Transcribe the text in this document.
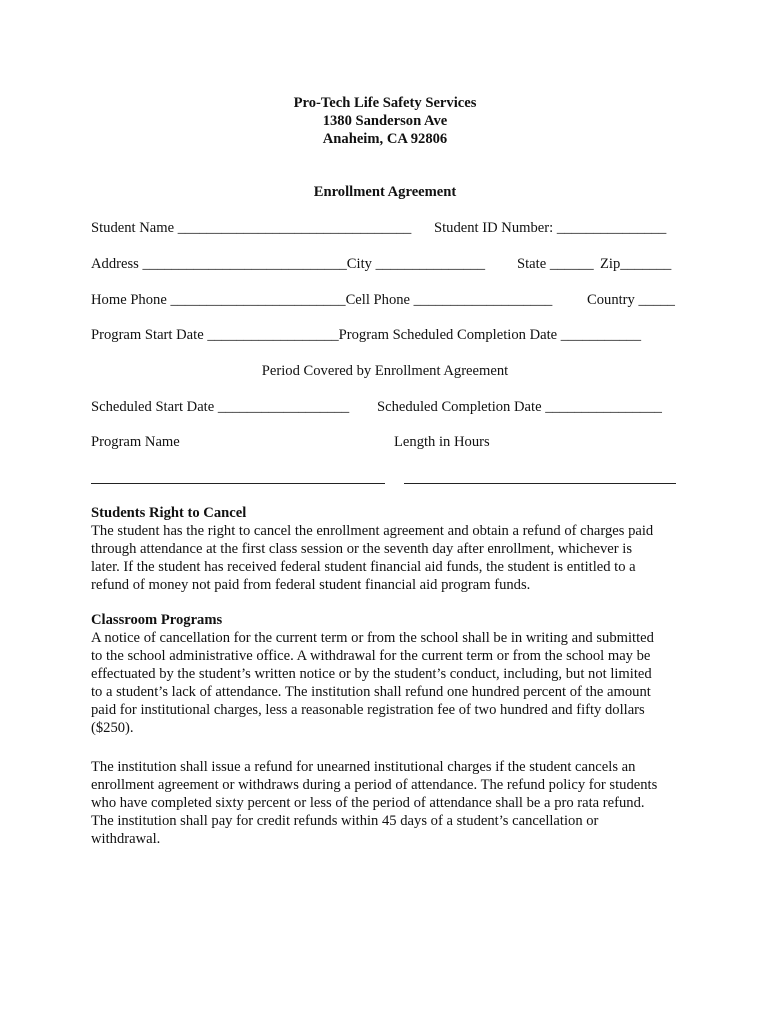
Pro-Tech Life Safety Services
1380 Sanderson Ave
Anaheim, CA 92806
Enrollment Agreement
Student Name ________________________________ Student ID Number: _______________
Address ____________________________City _______________ State ______ Zip_______
Home Phone ________________________Cell Phone ___________________ Country _____
Program Start Date __________________Program Scheduled Completion Date ___________
Period Covered by Enrollment Agreement
Scheduled Start Date __________________ Scheduled Completion Date ________________
Program Name	Length in Hours
Students Right to Cancel
The student has the right to cancel the enrollment agreement and obtain a refund of charges paid
through attendance at the first class session or the seventh day after enrollment, whichever is
later. If the student has received federal student financial aid funds, the student is entitled to a
refund of money not paid from federal student financial aid program funds.
Classroom Programs
A notice of cancellation for the current term or from the school shall be in writing and submitted
to the school administrative office. A withdrawal for the current term or from the school may be
effectuated by the student’s written notice or by the student’s conduct, including, but not limited
to a student’s lack of attendance. The institution shall refund one hundred percent of the amount
paid for institutional charges, less a reasonable registration fee of two hundred and fifty dollars
($250).
The institution shall issue a refund for unearned institutional charges if the student cancels an
enrollment agreement or withdraws during a period of attendance. The refund policy for students
who have completed sixty percent or less of the period of attendance shall be a pro rata refund.
The institution shall pay for credit refunds within 45 days of a student’s cancellation or
withdrawal.
